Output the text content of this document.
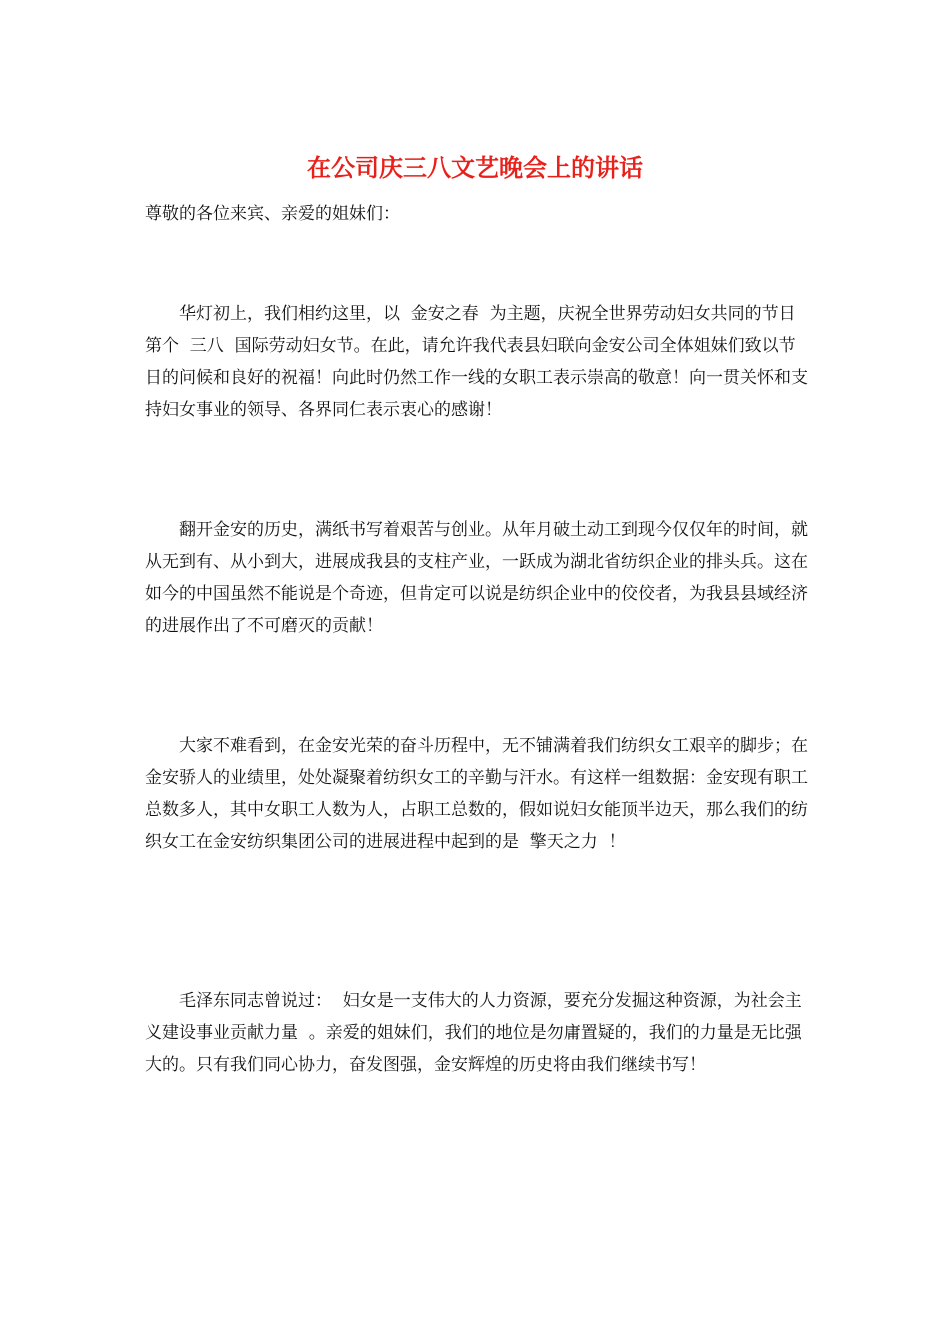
在公司庆三八文艺晚会上的讲话

尊敬的各位来宾、亲爱的姐妹们：

华灯初上，我们相约这里，以  金安之春  为主题，庆祝全世界劳动妇女共同的节日  第个  三八  国际劳动妇女节。在此，请允许我代表县妇联向金安公司全体姐妹们致以节日的问候和良好的祝福！向此时仍然工作一线的女职工表示崇高的敬意！向一贯关怀和支持妇女事业的领导、各界同仁表示衷心的感谢！

翻开金安的历史，满纸书写着艰苦与创业。从年月破土动工到现今仅仅年的时间，就从无到有、从小到大，进展成我县的支柱产业，一跃成为湖北省纺织企业的排头兵。这在如今的中国虽然不能说是个奇迹，但肯定可以说是纺织企业中的佼佼者，为我县县域经济的进展作出了不可磨灭的贡献！

大家不难看到，在金安光荣的奋斗历程中，无不铺满着我们纺织女工艰辛的脚步；在金安骄人的业绩里，处处凝聚着纺织女工的辛勤与汗水。有这样一组数据：金安现有职工总数多人，其中女职工人数为人，占职工总数的，假如说妇女能顶半边天，那么我们的纺织女工在金安纺织集团公司的进展进程中起到的是  擎天之力  ！

毛泽东同志曾说过：  妇女是一支伟大的人力资源，要充分发掘这种资源，为社会主义建设事业贡献力量  。亲爱的姐妹们，我们的地位是勿庸置疑的，我们的力量是无比强大的。只有我们同心协力，奋发图强，金安辉煌的历史将由我们继续书写！
